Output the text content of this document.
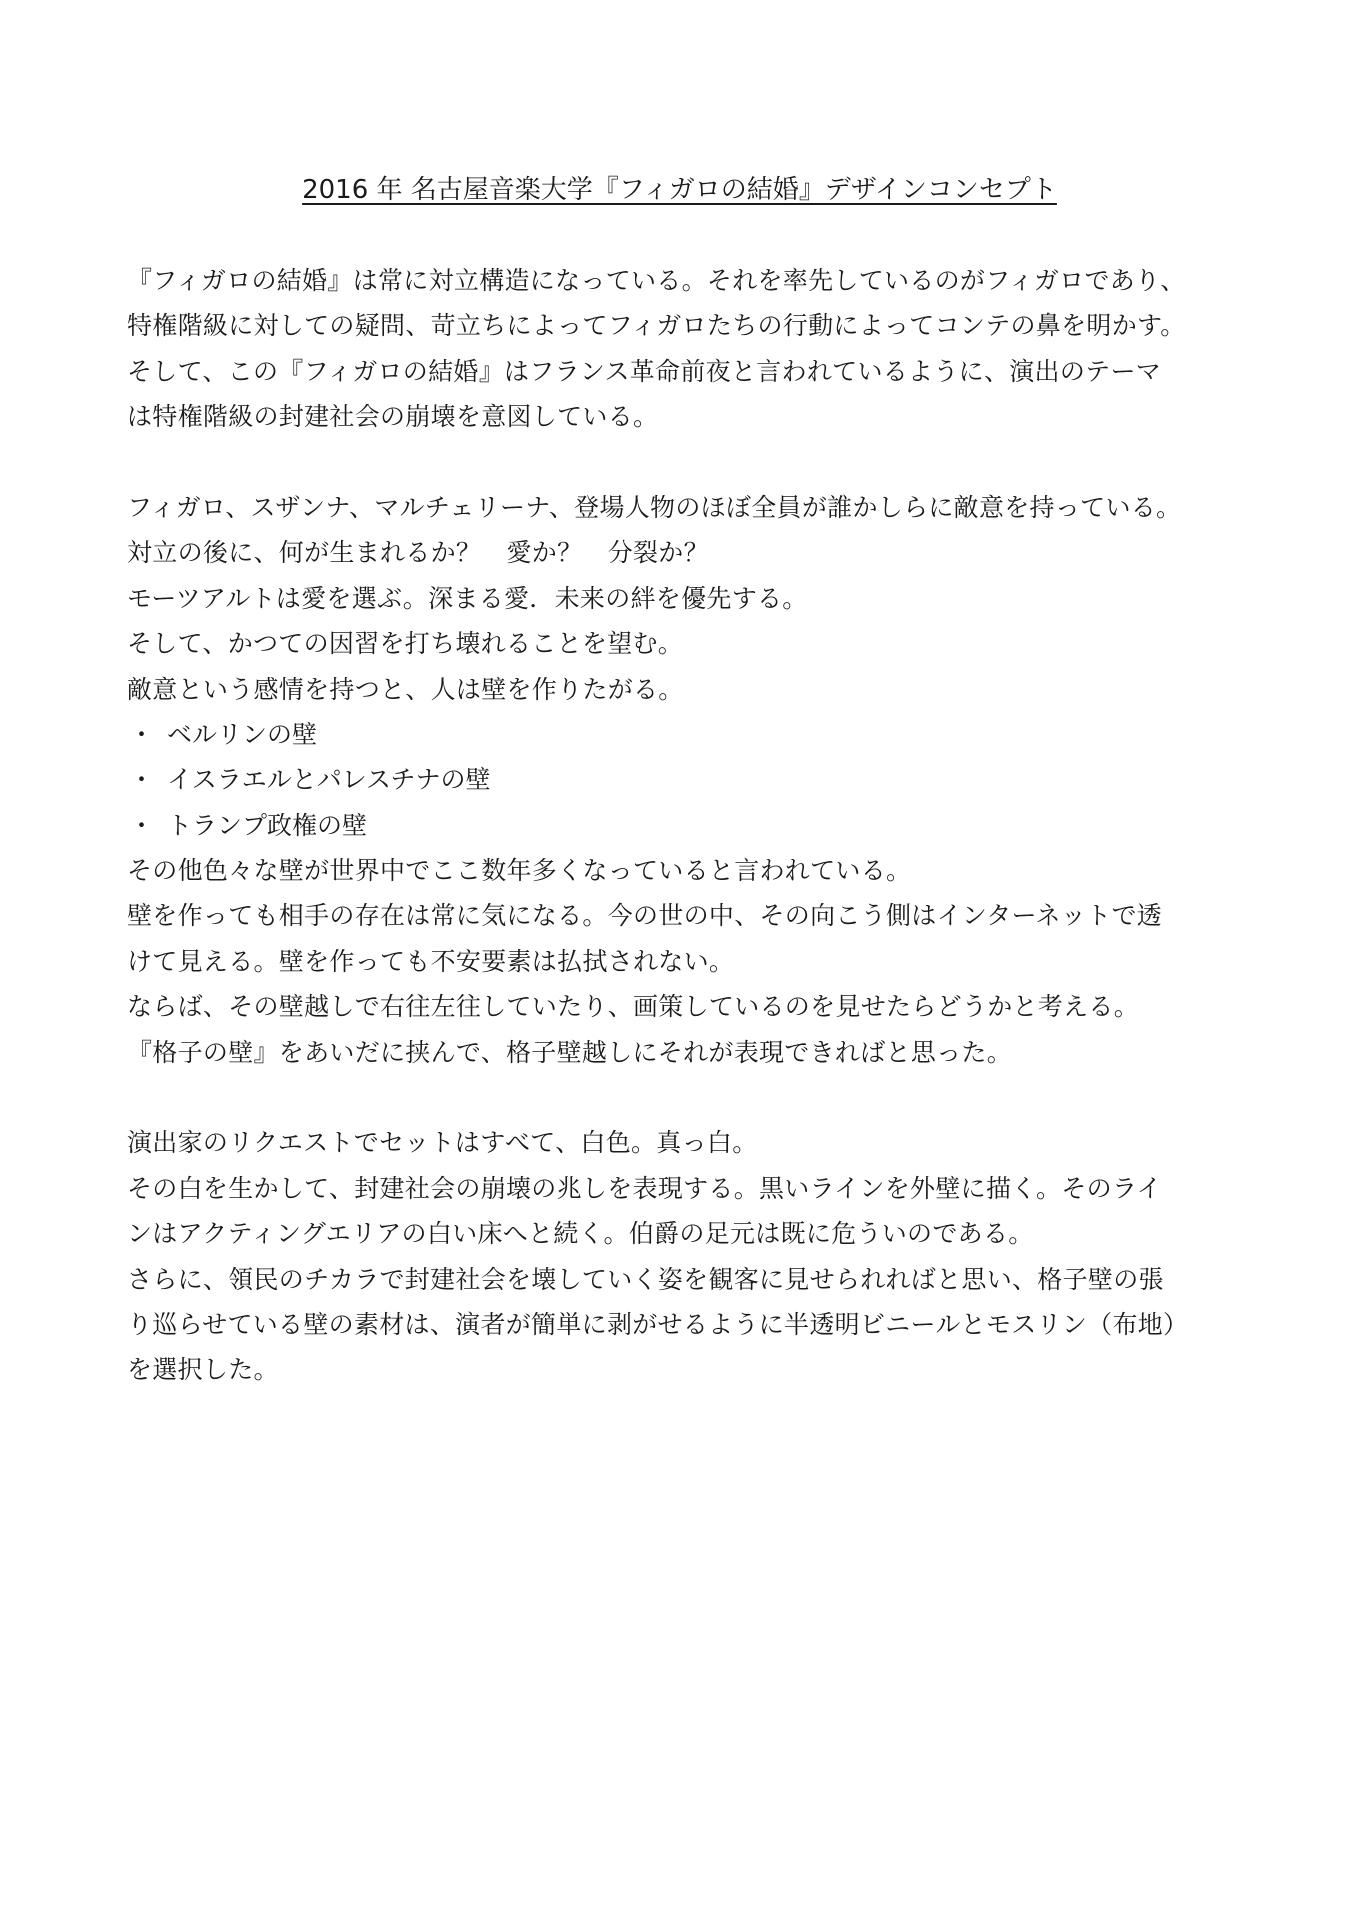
2016 年 名古屋音楽大学『フィガロの結婚』デザインコンセプト
『フィガロの結婚』は常に対立構造になっている。それを率先しているのがフィガロであり、
特権階級に対しての疑問、苛立ちによってフィガロたちの行動によってコンテの鼻を明かす。
そして、この『フィガロの結婚』はフランス革命前夜と言われているように、演出のテーマ
は特権階級の封建社会の崩壊を意図している。
フィガロ、スザンナ、マルチェリーナ、登場人物のほぼ全員が誰かしらに敵意を持っている。
対立の後に、何が生まれるか？　愛か？　分裂か？
モーツアルトは愛を選ぶ。深まる愛．未来の絆を優先する。
そして、かつての因習を打ち壊れることを望む。
敵意という感情を持つと、人は壁を作りたがる。
・ ベルリンの壁
・ イスラエルとパレスチナの壁
・ トランプ政権の壁
その他色々な壁が世界中でここ数年多くなっていると言われている。
壁を作っても相手の存在は常に気になる。今の世の中、その向こう側はインターネットで透
けて見える。壁を作っても不安要素は払拭されない。
ならば、その壁越しで右往左往していたり、画策しているのを見せたらどうかと考える。
『格子の壁』をあいだに挟んで、格子壁越しにそれが表現できればと思った。
演出家のリクエストでセットはすべて、白色。真っ白。
その白を生かして、封建社会の崩壊の兆しを表現する。黒いラインを外壁に描く。そのライ
ンはアクティングエリアの白い床へと続く。伯爵の足元は既に危ういのである。
さらに、領民のチカラで封建社会を壊していく姿を観客に見せられればと思い、格子壁の張
り巡らせている壁の素材は、演者が簡単に剥がせるように半透明ビニールとモスリン（布地）
を選択した。
